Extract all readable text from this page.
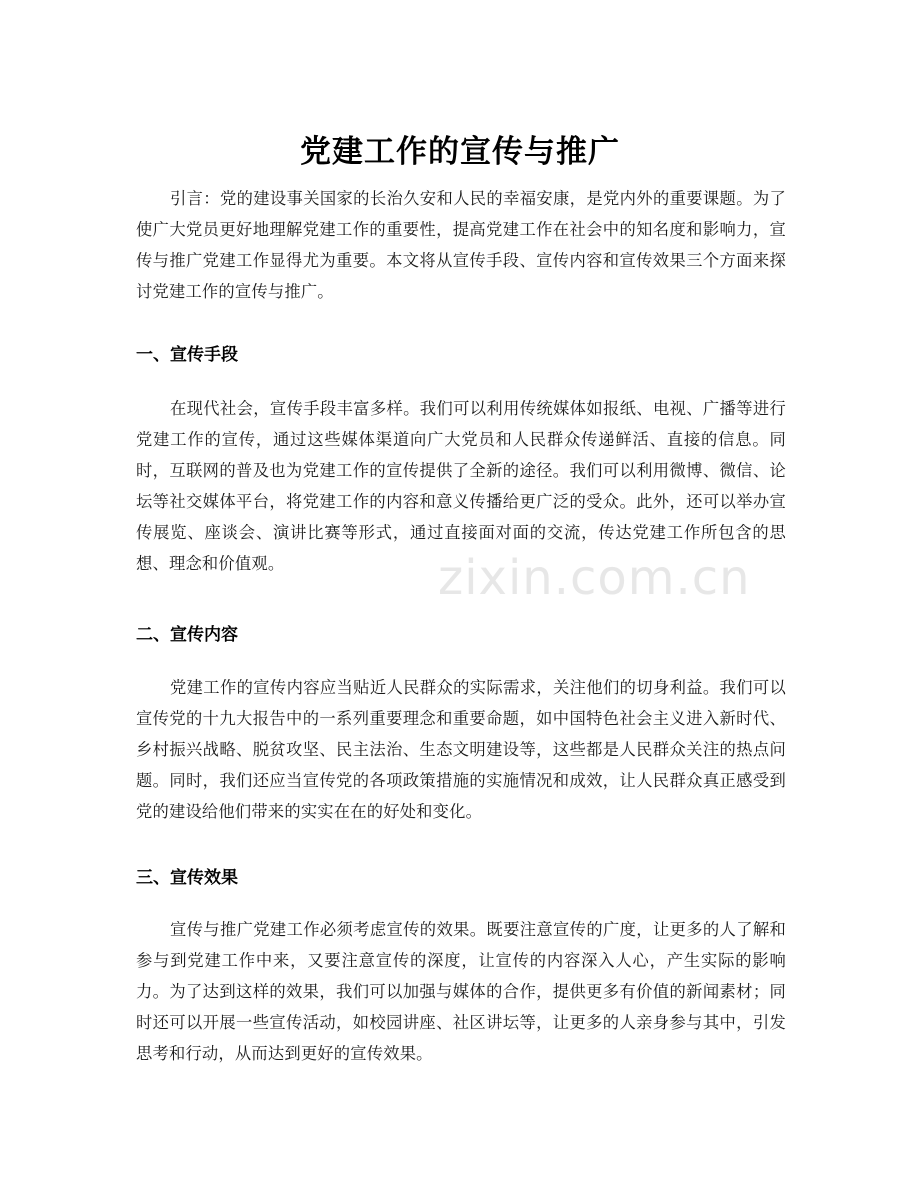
党建工作的宣传与推广

引言：党的建设事关国家的长治久安和人民的幸福安康，是党内外的重要课题。为了使广大党员更好地理解党建工作的重要性，提高党建工作在社会中的知名度和影响力，宣传与推广党建工作显得尤为重要。本文将从宣传手段、宣传内容和宣传效果三个方面来探讨党建工作的宣传与推广。

一、宣传手段

在现代社会，宣传手段丰富多样。我们可以利用传统媒体如报纸、电视、广播等进行党建工作的宣传，通过这些媒体渠道向广大党员和人民群众传递鲜活、直接的信息。同时，互联网的普及也为党建工作的宣传提供了全新的途径。我们可以利用微博、微信、论坛等社交媒体平台，将党建工作的内容和意义传播给更广泛的受众。此外，还可以举办宣传展览、座谈会、演讲比赛等形式，通过直接面对面的交流，传达党建工作所包含的思想、理念和价值观。

二、宣传内容

党建工作的宣传内容应当贴近人民群众的实际需求，关注他们的切身利益。我们可以宣传党的十九大报告中的一系列重要理念和重要命题，如中国特色社会主义进入新时代、乡村振兴战略、脱贫攻坚、民主法治、生态文明建设等，这些都是人民群众关注的热点问题。同时，我们还应当宣传党的各项政策措施的实施情况和成效，让人民群众真正感受到党的建设给他们带来的实实在在的好处和变化。

三、宣传效果

宣传与推广党建工作必须考虑宣传的效果。既要注意宣传的广度，让更多的人了解和参与到党建工作中来，又要注意宣传的深度，让宣传的内容深入人心，产生实际的影响力。为了达到这样的效果，我们可以加强与媒体的合作，提供更多有价值的新闻素材；同时还可以开展一些宣传活动，如校园讲座、社区讲坛等，让更多的人亲身参与其中，引发思考和行动，从而达到更好的宣传效果。

zixin.com.cn
